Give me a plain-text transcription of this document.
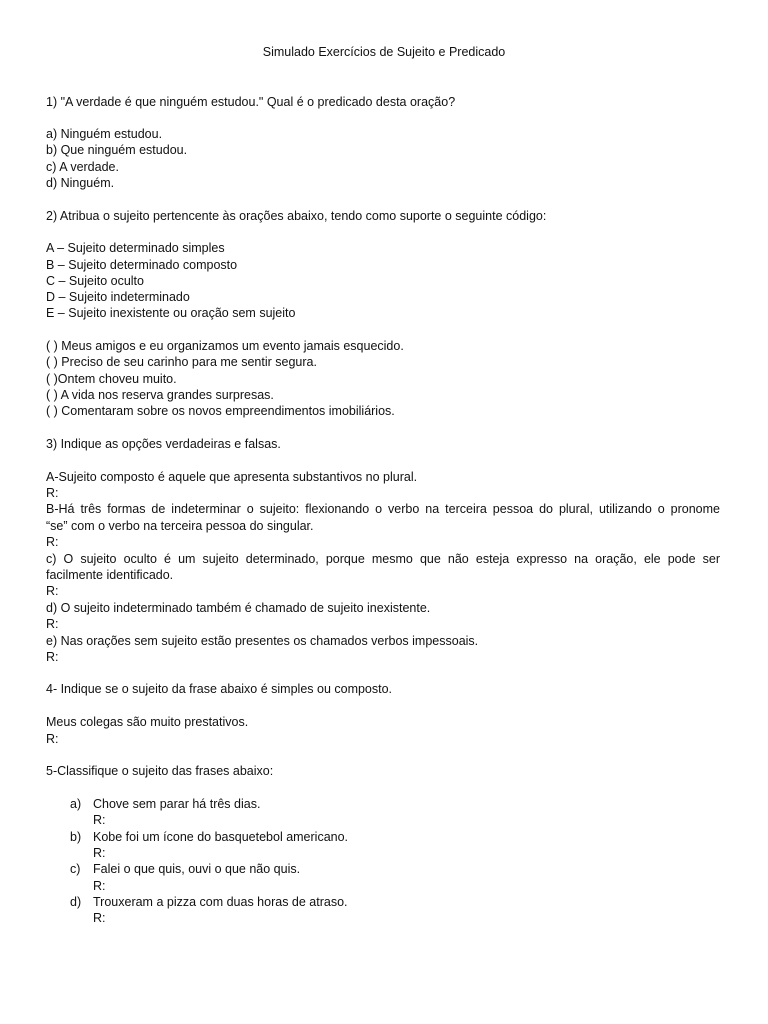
Simulado Exercícios de Sujeito e Predicado
1) "A verdade é que ninguém estudou." Qual é o predicado desta oração?
a) Ninguém estudou.
b) Que ninguém estudou.
c) A verdade.
d) Ninguém.
2) Atribua o sujeito pertencente às orações abaixo, tendo como suporte o seguinte código:
A – Sujeito determinado simples
B – Sujeito determinado composto
C – Sujeito oculto
D – Sujeito indeterminado
E – Sujeito inexistente ou oração sem sujeito
( ) Meus amigos e eu organizamos um evento jamais esquecido.
( ) Preciso de seu carinho para me sentir segura.
( )Ontem choveu muito.
( ) A vida nos reserva grandes surpresas.
( ) Comentaram sobre os novos empreendimentos imobiliários.
3) Indique as opções verdadeiras e falsas.
A-Sujeito composto é aquele que apresenta substantivos no plural.
R:
B-Há três formas de indeterminar o sujeito: flexionando o verbo na terceira pessoa do plural, utilizando o pronome
“se” com o verbo na terceira pessoa do singular.
R:
c) O sujeito oculto é um sujeito determinado, porque mesmo que não esteja expresso na oração, ele pode ser
facilmente identificado.
R:
d) O sujeito indeterminado também é chamado de sujeito inexistente.
R:
e) Nas orações sem sujeito estão presentes os chamados verbos impessoais.
R:
4- Indique se o sujeito da frase abaixo é simples ou composto.
Meus colegas são muito prestativos.
R:
5-Classifique o sujeito das frases abaixo:
a) Chove sem parar há três dias.
R:
b) Kobe foi um ícone do basquetebol americano.
R:
c)	Falei o que quis, ouvi o que não quis.
R:
d) Trouxeram a pizza com duas horas de atraso.
R:
